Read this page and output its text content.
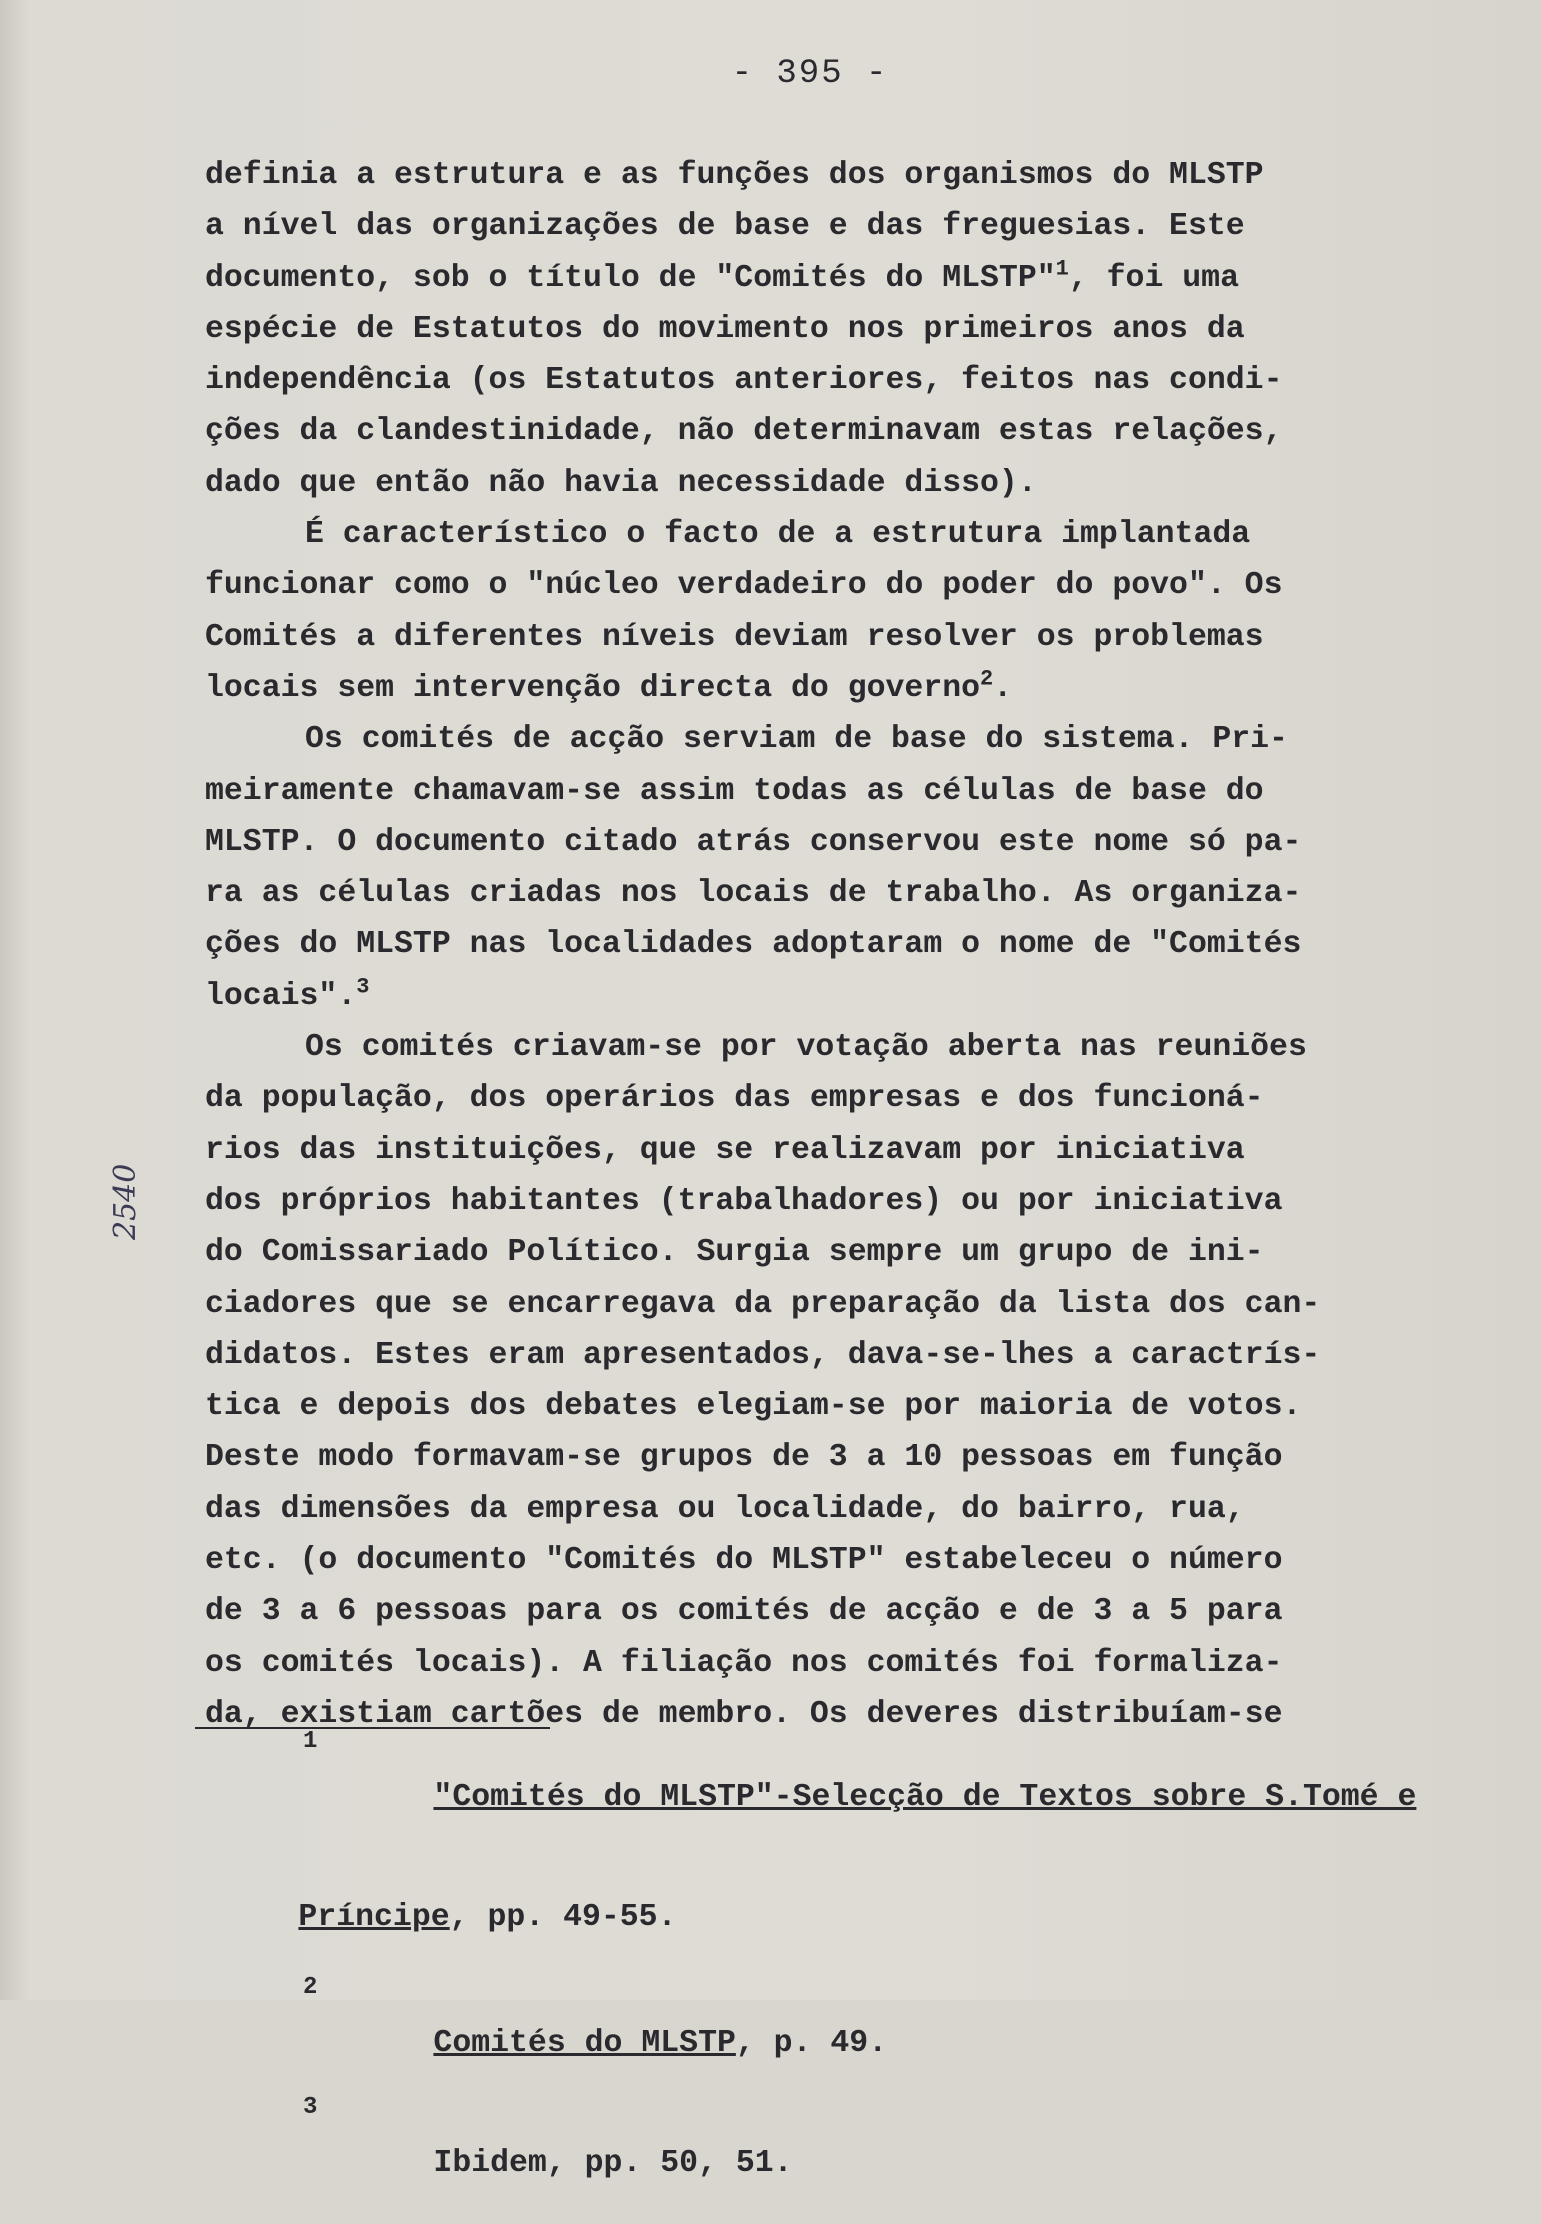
- 395 -
definia a estrutura e as funções dos organismos do MLSTP
a nível das organizações de base e das freguesias. Este
documento, sob o título de "Comités do MLSTP"$^1$, foi uma
espécie de Estatutos do movimento nos primeiros anos da
independência (os Estatutos anteriores, feitos nas condi-
ções da clandestinidade, não determinavam estas relações,
dado que então não havia necessidade disso).
É característico o facto de a estrutura implantada
funcionar como o "núcleo verdadeiro do poder do povo". Os
Comités a diferentes níveis deviam resolver os problemas
locais sem intervenção directa do governo$^2$.
Os comités de acção serviam de base do sistema. Pri-
meiramente chamavam-se assim todas as células de base do
MLSTP. O documento citado atrás conservou este nome só pa-
ra as células criadas nos locais de trabalho. As organiza-
ções do MLSTP nas localidades adoptaram o nome de "Comités
locais".$^3$
Os comités criavam-se por votação aberta nas reuniões
da população, dos operários das empresas e dos funcioná-
rios das instituições, que se realizavam por iniciativa
dos próprios habitantes (trabalhadores) ou por iniciativa
do Comissariado Político. Surgia sempre um grupo de ini-
ciadores que se encarregava da preparação da lista dos can-
didatos. Estes eram apresentados, dava-se-lhes a caractrís-
tica e depois dos debates elegiam-se por maioria de votos.
Deste modo formavam-se grupos de 3 a 10 pessoas em função
das dimensões da empresa ou localidade, do bairro, rua,
etc. (o documento "Comités do MLSTP" estabeleceu o número
de 3 a 6 pessoas para os comités de acção e de 3 a 5 para
os comités locais). A filiação nos comités foi formaliza-
da, existiam cartões de membro. Os deveres distribuíam-se

1
"Comités do MLSTP"-Selecção de Textos sobre S.Tomé e

Príncipe, pp. 49-55.

2
Comités do MLSTP, p. 49.

3
Ibidem, pp. 50, 51.

2540
